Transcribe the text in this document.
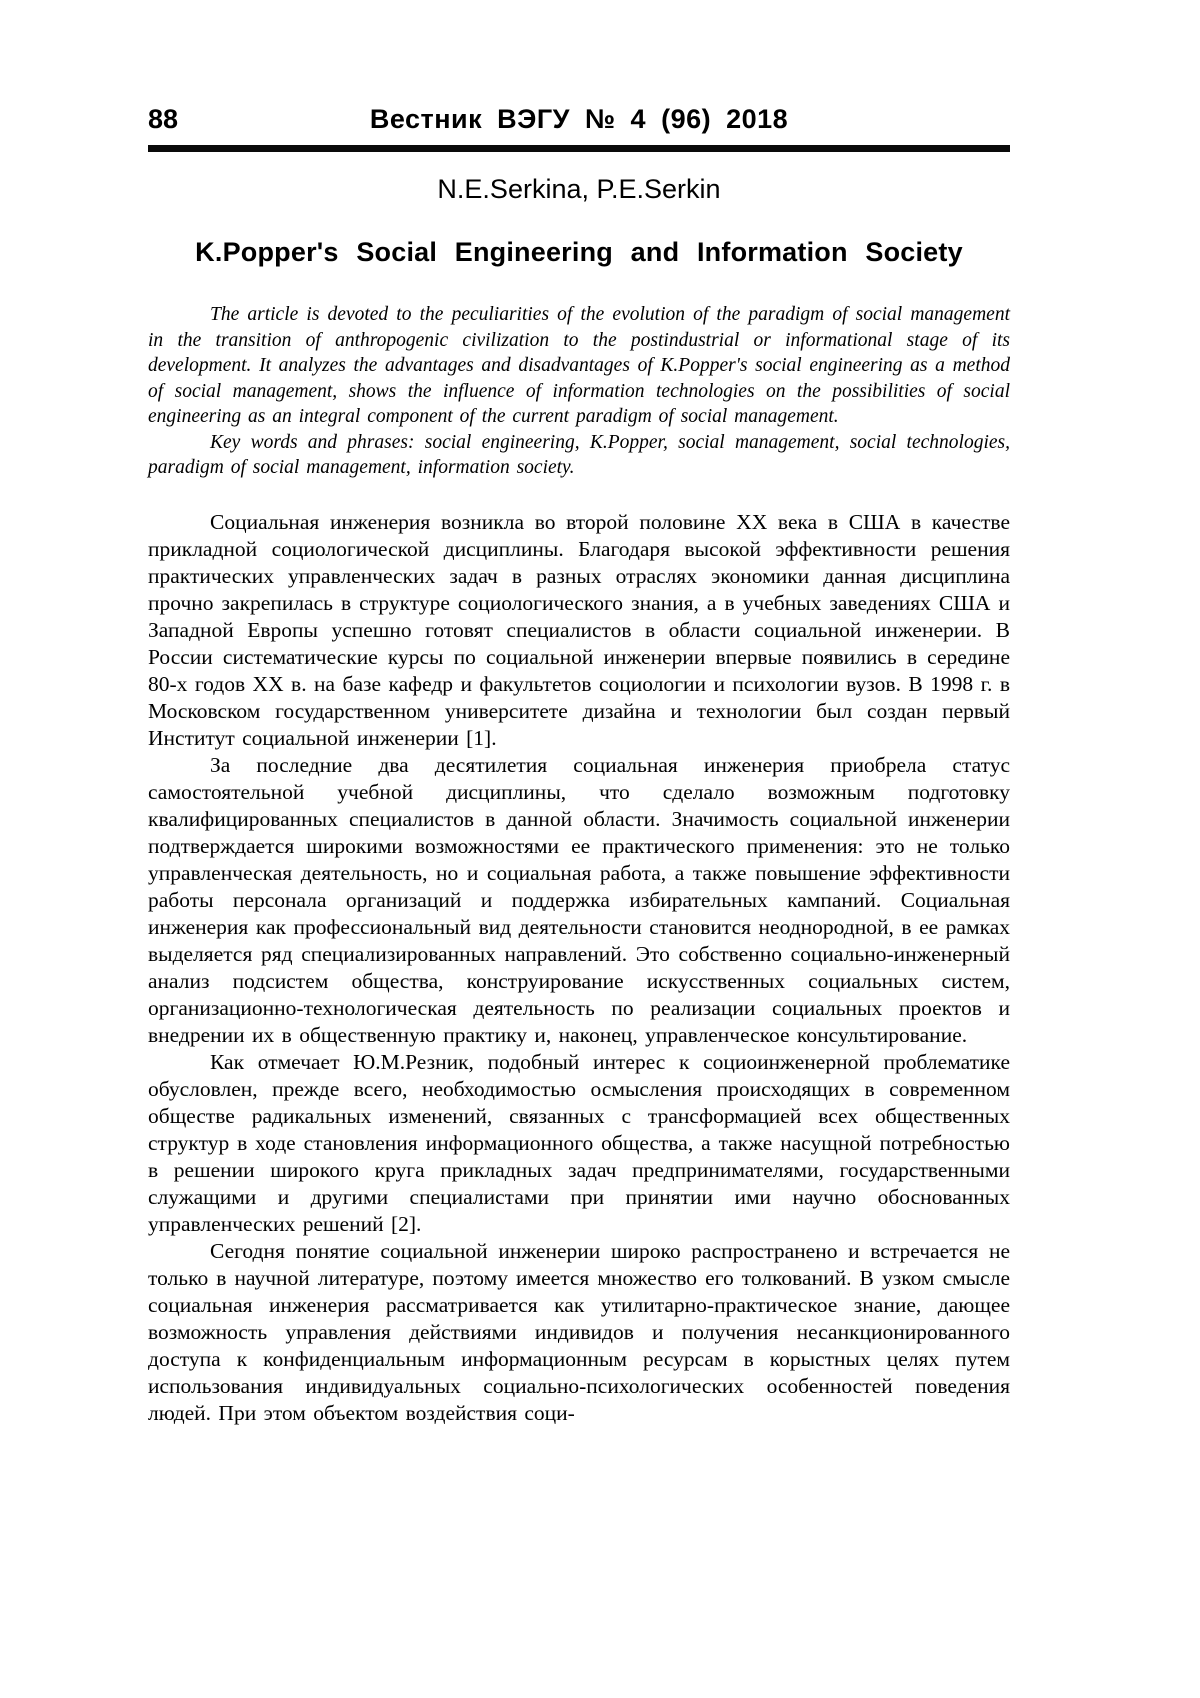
88	Вестник ВЭГУ № 4 (96) 2018
N.E.Serkina, P.E.Serkin
K.Popper's Social Engineering and Information Society

The article is devoted to the peculiarities of the evolution of the paradigm of social management in the transition of anthropogenic civilization to the postindustrial or informational stage of its development. It analyzes the advantages and disadvantages of K.Popper's social engineering as a method of social management, shows the influence of information technologies on the possibilities of social engineering as an integral component of the current paradigm of social management.

Key words and phrases: social engineering, K.Popper, social management, social technologies, paradigm of social management, information society.

Социальная инженерия возникла во второй половине XX века в США в качестве прикладной социологической дисциплины. Благодаря высокой эффективности решения практических управленческих задач в разных отраслях экономики данная дисциплина прочно закрепилась в структуре социологического знания, а в учебных заведениях США и Западной Европы успешно готовят специалистов в области социальной инженерии. В России систематические курсы по социальной инженерии впервые появились в середине 80-х годов XX в. на базе кафедр и факультетов социологии и психологии вузов. В 1998 г. в Московском государственном университете дизайна и технологии был создан первый Институт социальной инженерии [1].

За последние два десятилетия социальная инженерия приобрела статус самостоятельной учебной дисциплины, что сделало возможным подготовку квалифицированных специалистов в данной области. Значимость социальной инженерии подтверждается широкими возможностями ее практического применения: это не только управленческая деятельность, но и социальная работа, а также повышение эффективности работы персонала организаций и поддержка избирательных кампаний. Социальная инженерия как профессиональный вид деятельности становится неоднородной, в ее рамках выделяется ряд специализированных направлений. Это собственно социально-инженерный анализ подсистем общества, конструирование искусственных социальных систем, организационно-технологическая деятельность по реализации социальных проектов и внедрении их в общественную практику и, наконец, управленческое консультирование.

Как отмечает Ю.М.Резник, подобный интерес к социоинженерной проблематике обусловлен, прежде всего, необходимостью осмысления происходящих в современном обществе радикальных изменений, связанных с трансформацией всех общественных структур в ходе становления информационного общества, а также насущной потребностью в решении широкого круга прикладных задач предпринимателями, государственными служащими и другими специалистами при принятии ими научно обоснованных управленческих решений [2].

Сегодня понятие социальной инженерии широко распространено и встречается не только в научной литературе, поэтому имеется множество его толкований. В узком смысле социальная инженерия рассматривается как утилитарно-практическое знание, дающее возможность управления действиями индивидов и получения несанкционированного доступа к конфиденциальным информационным ресурсам в корыстных целях путем использования индивидуальных социально-психологических особенностей поведения людей. При этом объектом воздействия соци-
